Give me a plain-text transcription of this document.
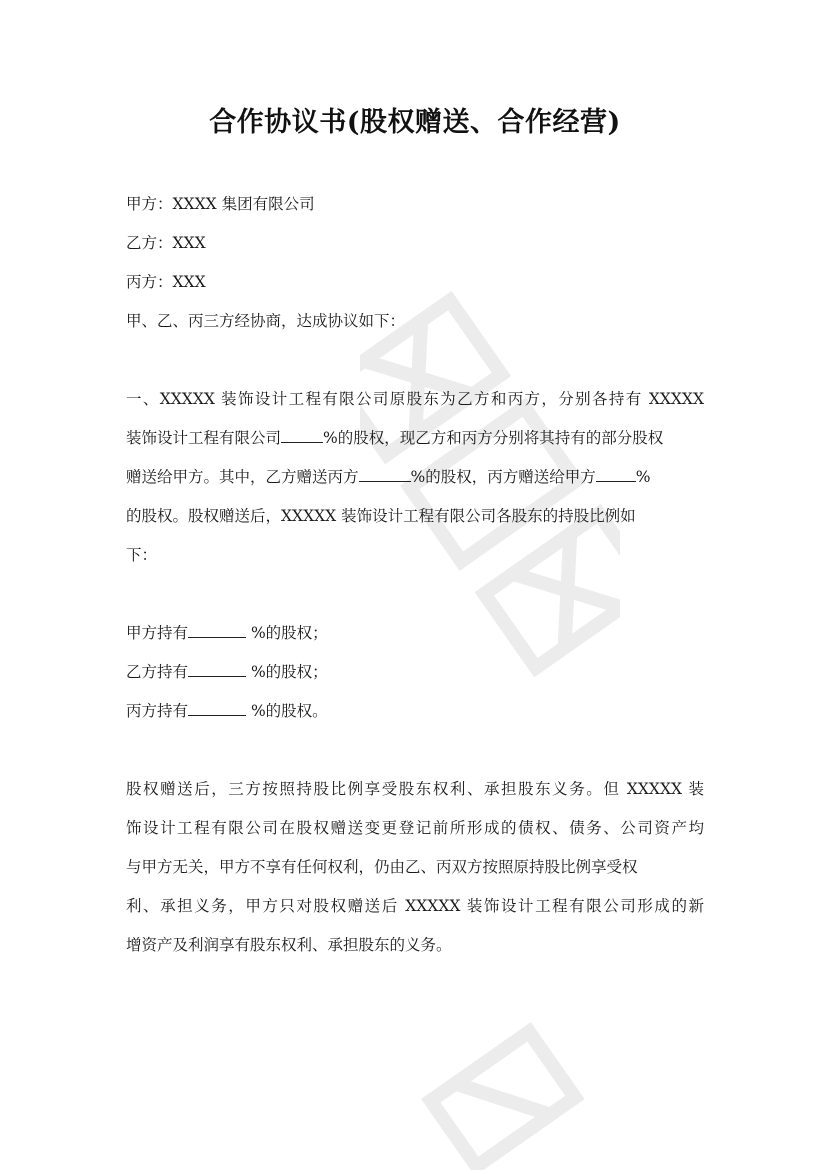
合作协议书(股权赠送、合作经营)
甲方：XXXX 集团有限公司
乙方：XXX
丙方：XXX
甲、乙、丙三方经协商，达成协议如下：
一、XXXXX 装饰设计工程有限公司原股东为乙方和丙方，分别各持有 XXXXX
装饰设计工程有限公司	%的股权，现乙方和丙方分别将其持有的部分股权
赠送给甲方。其中，乙方赠送丙方	%的股权，丙方赠送给甲方	%
的股权。股权赠送后，XXXXX 装饰设计工程有限公司各股东的持股比例如
下：
甲方持有	%的股权；
乙方持有	%的股权；
丙方持有	%的股权。
股权赠送后，三方按照持股比例享受股东权利、承担股东义务。但 XXXXX 装
饰设计工程有限公司在股权赠送变更登记前所形成的债权、债务、公司资产均
与甲方无关，甲方不享有任何权利，仍由乙、丙双方按照原持股比例享受权
利、承担义务，甲方只对股权赠送后 XXXXX 装饰设计工程有限公司形成的新
增资产及利润享有股东权利、承担股东的义务。
